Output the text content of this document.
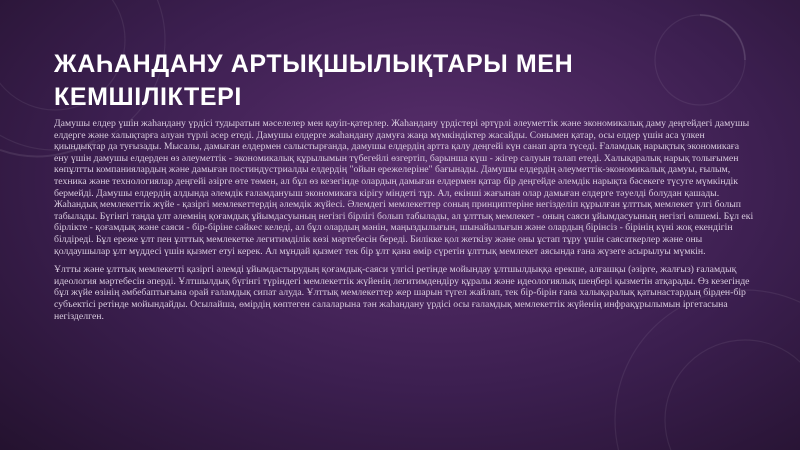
ЖАҺАНДАНУ АРТЫҚШЫЛЫҚТАРЫ МЕН КЕМШІЛІКТЕРІ

Дамушы елдер үшін жаһандану үрдісі тудыратын мәселелер мен қауіп-қатерлер. Жаһандану үрдістері әртүрлі әлеуметтік және экономикалық даму деңгейдегі дамушы елдерге және халықтарға алуан түрлі әсер етеді. Дамушы елдерге жаһандану дамуға жаңа мүмкіндіктер жасайды. Сонымен қатар, осы елдер үшін аса үлкен қиындықтар да туғызады. Мысалы, дамыған елдермен салыстырғанда, дамушы елдердің артта қалу деңгейі күн санап арта түседі. Ғаламдық нарықтық экономикаға ену үшін дамушы елдерден өз әлеуметтік - экономикалық құрылымын түбегейлі өзгертіп, барынша күш - жігер салуын талап етеді. Халықаралық нарық толығымен көпұлтты компаниялардың және дамыған постиндустриалды елдердің "ойын ережелеріне" бағынады. Дамушы елдердің әлеуметтік-экономикалық дамуы, ғылым, техника және технологиялар деңгейі әзірге өте төмен, ал бұл өз кезегінде олардың дамыған елдермен қатар бір деңгейде әлемдік нарықта бәсекеге түсуге мүмкіндік бермейді. Дамушы елдердің алдында әлемдік ғаламдануыш экономикаға кірігу міндеті тұр. Ал, екінші жағынан олар дамыған елдерге тәуелді болудан қашады. Жаһандық мемлекеттік жүйе - қазіргі мемлекеттердің әлемдік жүйесі. Әлемдегі мемлекеттер соның принциптеріне негізделіп құрылған ұлттық мемлекет үлгі болып табылады. Бүгінгі таңда ұлт әлемнің қоғамдық ұйымдасуының негізгі бірлігі болып табылады, ал ұлттық мемлекет - оның саяси ұйымдасуының негізгі өлшемі. Бұл екі бірлікте - қоғамдық және саяси - бір-біріне сәйкес келеді, ал бұл олардың мәнін, маңыздылығын, шынайылығын және олардың бірінсіз - бірінің күні жоқ екендігін білдіреді. Бұл ереже ұлт пен ұлттық мемлекетке легитимділік көзі мәртебесін береді. Билікке қол жеткізу және оны ұстап тұру үшін саясаткерлер және оны қолдаушылар ұлт мүддесі үшін қызмет етуі керек. Ал мұндай қызмет тек бір ұлт қана өмір сүретін ұлттық мемлекет аясында ғана жүзеге асырылуы мүмкін.

Ұлтты және ұлттық мемлекетті қазіргі әлемді ұйымдастырудың қоғамдық-саяси үлгісі ретінде мойындау ұлтшылдыққа ерекше, алғашқы (әзірге, жалғыз) ғаламдық идеология мәртебесін әперді. Ұлтшылдық бүгінгі түріндегі мемлекеттік жүйенің легитимдендіру құралы және идеологиялық шеңбері қызметін атқарады. Өз кезегінде бұл жүйе өзінің әмбебаптығына орай ғаламдық сипат алуда. Ұлттық мемлекеттер жер шарын түгел жайлап, тек бір-бірін ғана халықаралық қатынастардың бірден-бір субъектісі ретінде мойындайды. Осылайша, өмірдің көптеген салаларына тән жаһандану үрдісі осы ғаламдық мемлекеттік жүйенің инфрақұрылымын іргетасына негізделген.
